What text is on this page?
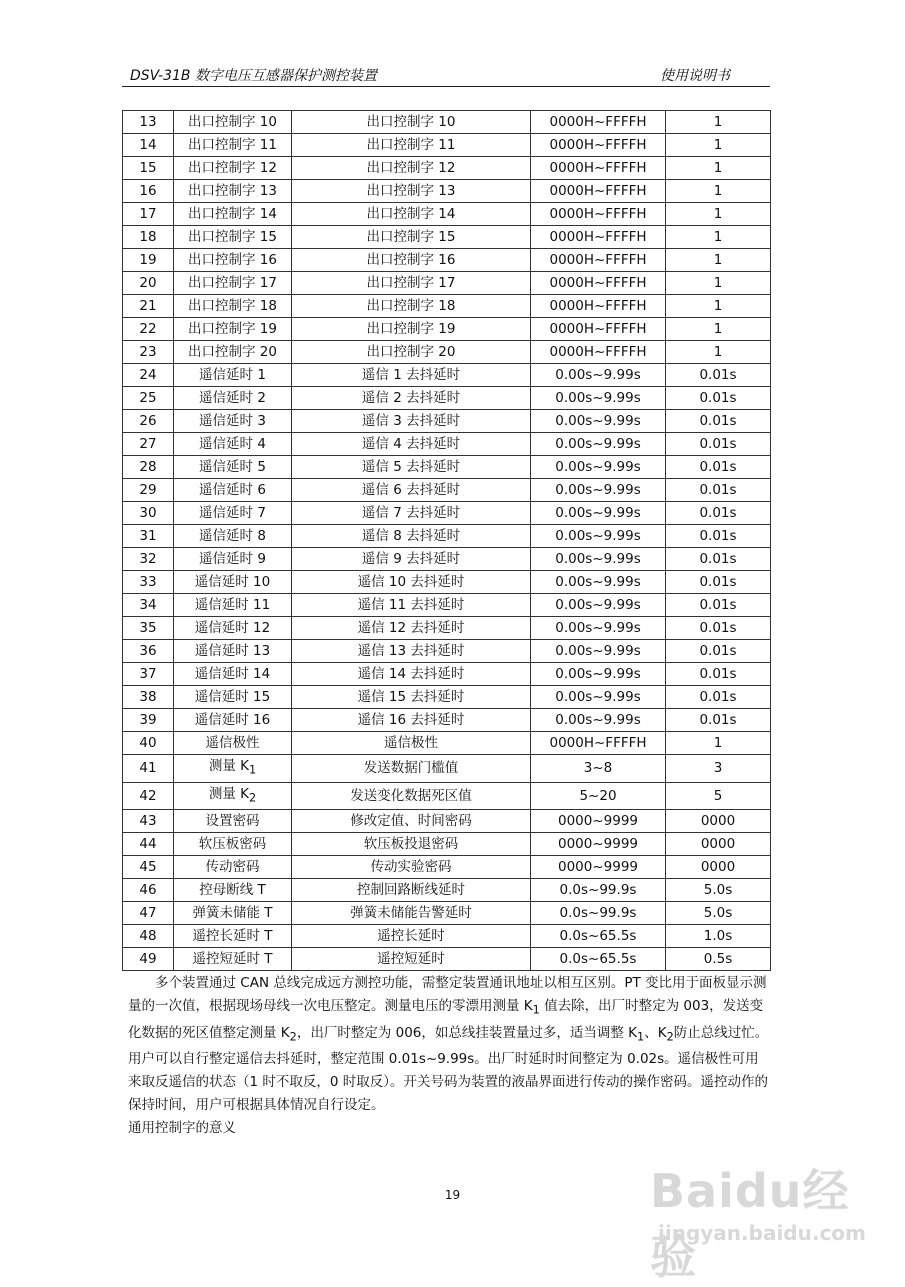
DSV-31B 数字电压互感器保护测控装置	使用说明书
13	出口控制字 10	出口控制字 10	0000H~FFFFH	1
14	出口控制字 11	出口控制字 11	0000H~FFFFH	1
15	出口控制字 12	出口控制字 12	0000H~FFFFH	1
16	出口控制字 13	出口控制字 13	0000H~FFFFH	1
17	出口控制字 14	出口控制字 14	0000H~FFFFH	1
18	出口控制字 15	出口控制字 15	0000H~FFFFH	1
19	出口控制字 16	出口控制字 16	0000H~FFFFH	1
20	出口控制字 17	出口控制字 17	0000H~FFFFH	1
21	出口控制字 18	出口控制字 18	0000H~FFFFH	1
22	出口控制字 19	出口控制字 19	0000H~FFFFH	1
23	出口控制字 20	出口控制字 20	0000H~FFFFH	1
24	遥信延时 1	遥信 1 去抖延时	0.00s~9.99s	0.01s
25	遥信延时 2	遥信 2 去抖延时	0.00s~9.99s	0.01s
26	遥信延时 3	遥信 3 去抖延时	0.00s~9.99s	0.01s
27	遥信延时 4	遥信 4 去抖延时	0.00s~9.99s	0.01s
28	遥信延时 5	遥信 5 去抖延时	0.00s~9.99s	0.01s
29	遥信延时 6	遥信 6 去抖延时	0.00s~9.99s	0.01s
30	遥信延时 7	遥信 7 去抖延时	0.00s~9.99s	0.01s
31	遥信延时 8	遥信 8 去抖延时	0.00s~9.99s	0.01s
32	遥信延时 9	遥信 9 去抖延时	0.00s~9.99s	0.01s
33	遥信延时 10	遥信 10 去抖延时	0.00s~9.99s	0.01s
34	遥信延时 11	遥信 11 去抖延时	0.00s~9.99s	0.01s
35	遥信延时 12	遥信 12 去抖延时	0.00s~9.99s	0.01s
36	遥信延时 13	遥信 13 去抖延时	0.00s~9.99s	0.01s
37	遥信延时 14	遥信 14 去抖延时	0.00s~9.99s	0.01s
38	遥信延时 15	遥信 15 去抖延时	0.00s~9.99s	0.01s
39	遥信延时 16	遥信 16 去抖延时	0.00s~9.99s	0.01s
40	遥信极性	遥信极性	0000H~FFFFH	1
41	测量 $K_1$	发送数据门槛值	3~8	3
42	测量 $K_2$	发送变化数据死区值	5~20	5
43	设置密码	修改定值、时间密码	0000~9999	0000
44	软压板密码	软压板投退密码	0000~9999	0000
45	传动密码	传动实验密码	0000~9999	0000
46	控母断线 T	控制回路断线延时	0.0s~99.9s	5.0s
47	弹簧未储能 T	弹簧未储能告警延时	0.0s~99.9s	5.0s
48	遥控长延时 T	遥控长延时	0.0s~65.5s	1.0s
49	遥控短延时 T	遥控短延时	0.0s~65.5s	0.5s

多个装置通过 CAN 总线完成远方测控功能，需整定装置通讯地址以相互区别。PT 变比用于面板显示测量的一次值，根据现场母线一次电压整定。测量电压的零漂用测量 $K_1$ 值去除，出厂时整定为 003，发送变化数据的死区值整定测量 $K_2$，出厂时整定为 006，如总线挂装置量过多，适当调整 $K_1$、$K_2$防止总线过忙。用户可以自行整定遥信去抖延时，整定范围 0.01s~9.99s。出厂时延时时间整定为 0.02s。遥信极性可用来取反遥信的状态（1 时不取反，0 时取反）。开关号码为装置的液晶界面进行传动的操作密码。遥控动作的保持时间，用户可根据具体情况自行设定。

通用控制字的意义

19	Baidu经验
jingyan.baidu.com
